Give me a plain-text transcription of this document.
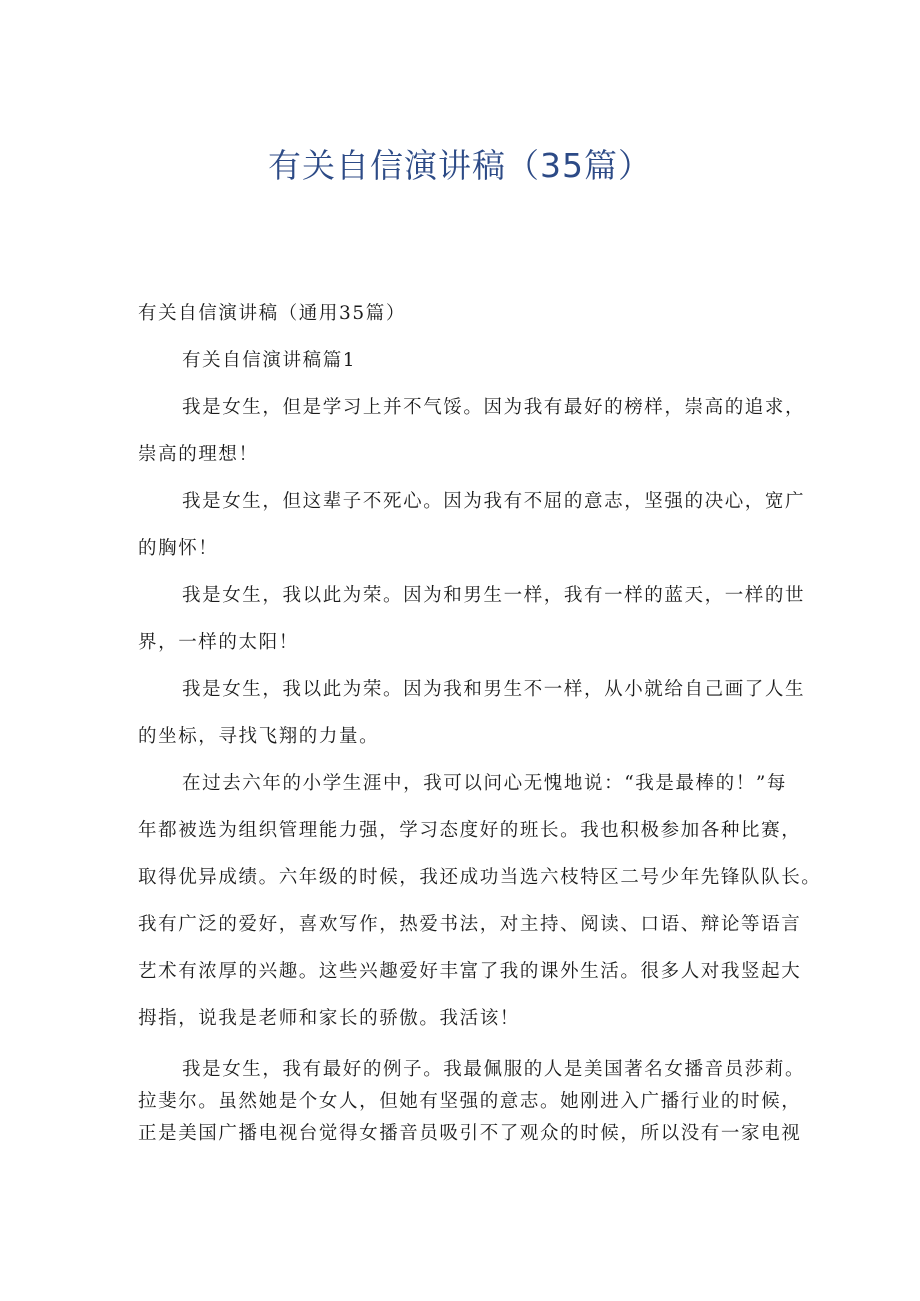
有关自信演讲稿（35篇）
有关自信演讲稿（通用35篇）
有关自信演讲稿篇1
我是女生，但是学习上并不气馁。因为我有最好的榜样，崇高的追求，
崇高的理想！
我是女生，但这辈子不死心。因为我有不屈的意志，坚强的决心，宽广
的胸怀！
我是女生，我以此为荣。因为和男生一样，我有一样的蓝天，一样的世
界，一样的太阳！
我是女生，我以此为荣。因为我和男生不一样，从小就给自己画了人生
的坐标，寻找飞翔的力量。
在过去六年的小学生涯中，我可以问心无愧地说：“我是最棒的！”每
年都被选为组织管理能力强，学习态度好的班长。我也积极参加各种比赛，
取得优异成绩。六年级的时候，我还成功当选六枝特区二号少年先锋队队长。
我有广泛的爱好，喜欢写作，热爱书法，对主持、阅读、口语、辩论等语言
艺术有浓厚的兴趣。这些兴趣爱好丰富了我的课外生活。很多人对我竖起大
拇指，说我是老师和家长的骄傲。我活该！
我是女生，我有最好的例子。我最佩服的人是美国著名女播音员莎莉。
拉斐尔。虽然她是个女人，但她有坚强的意志。她刚进入广播行业的时候，
正是美国广播电视台觉得女播音员吸引不了观众的时候，所以没有一家电视
